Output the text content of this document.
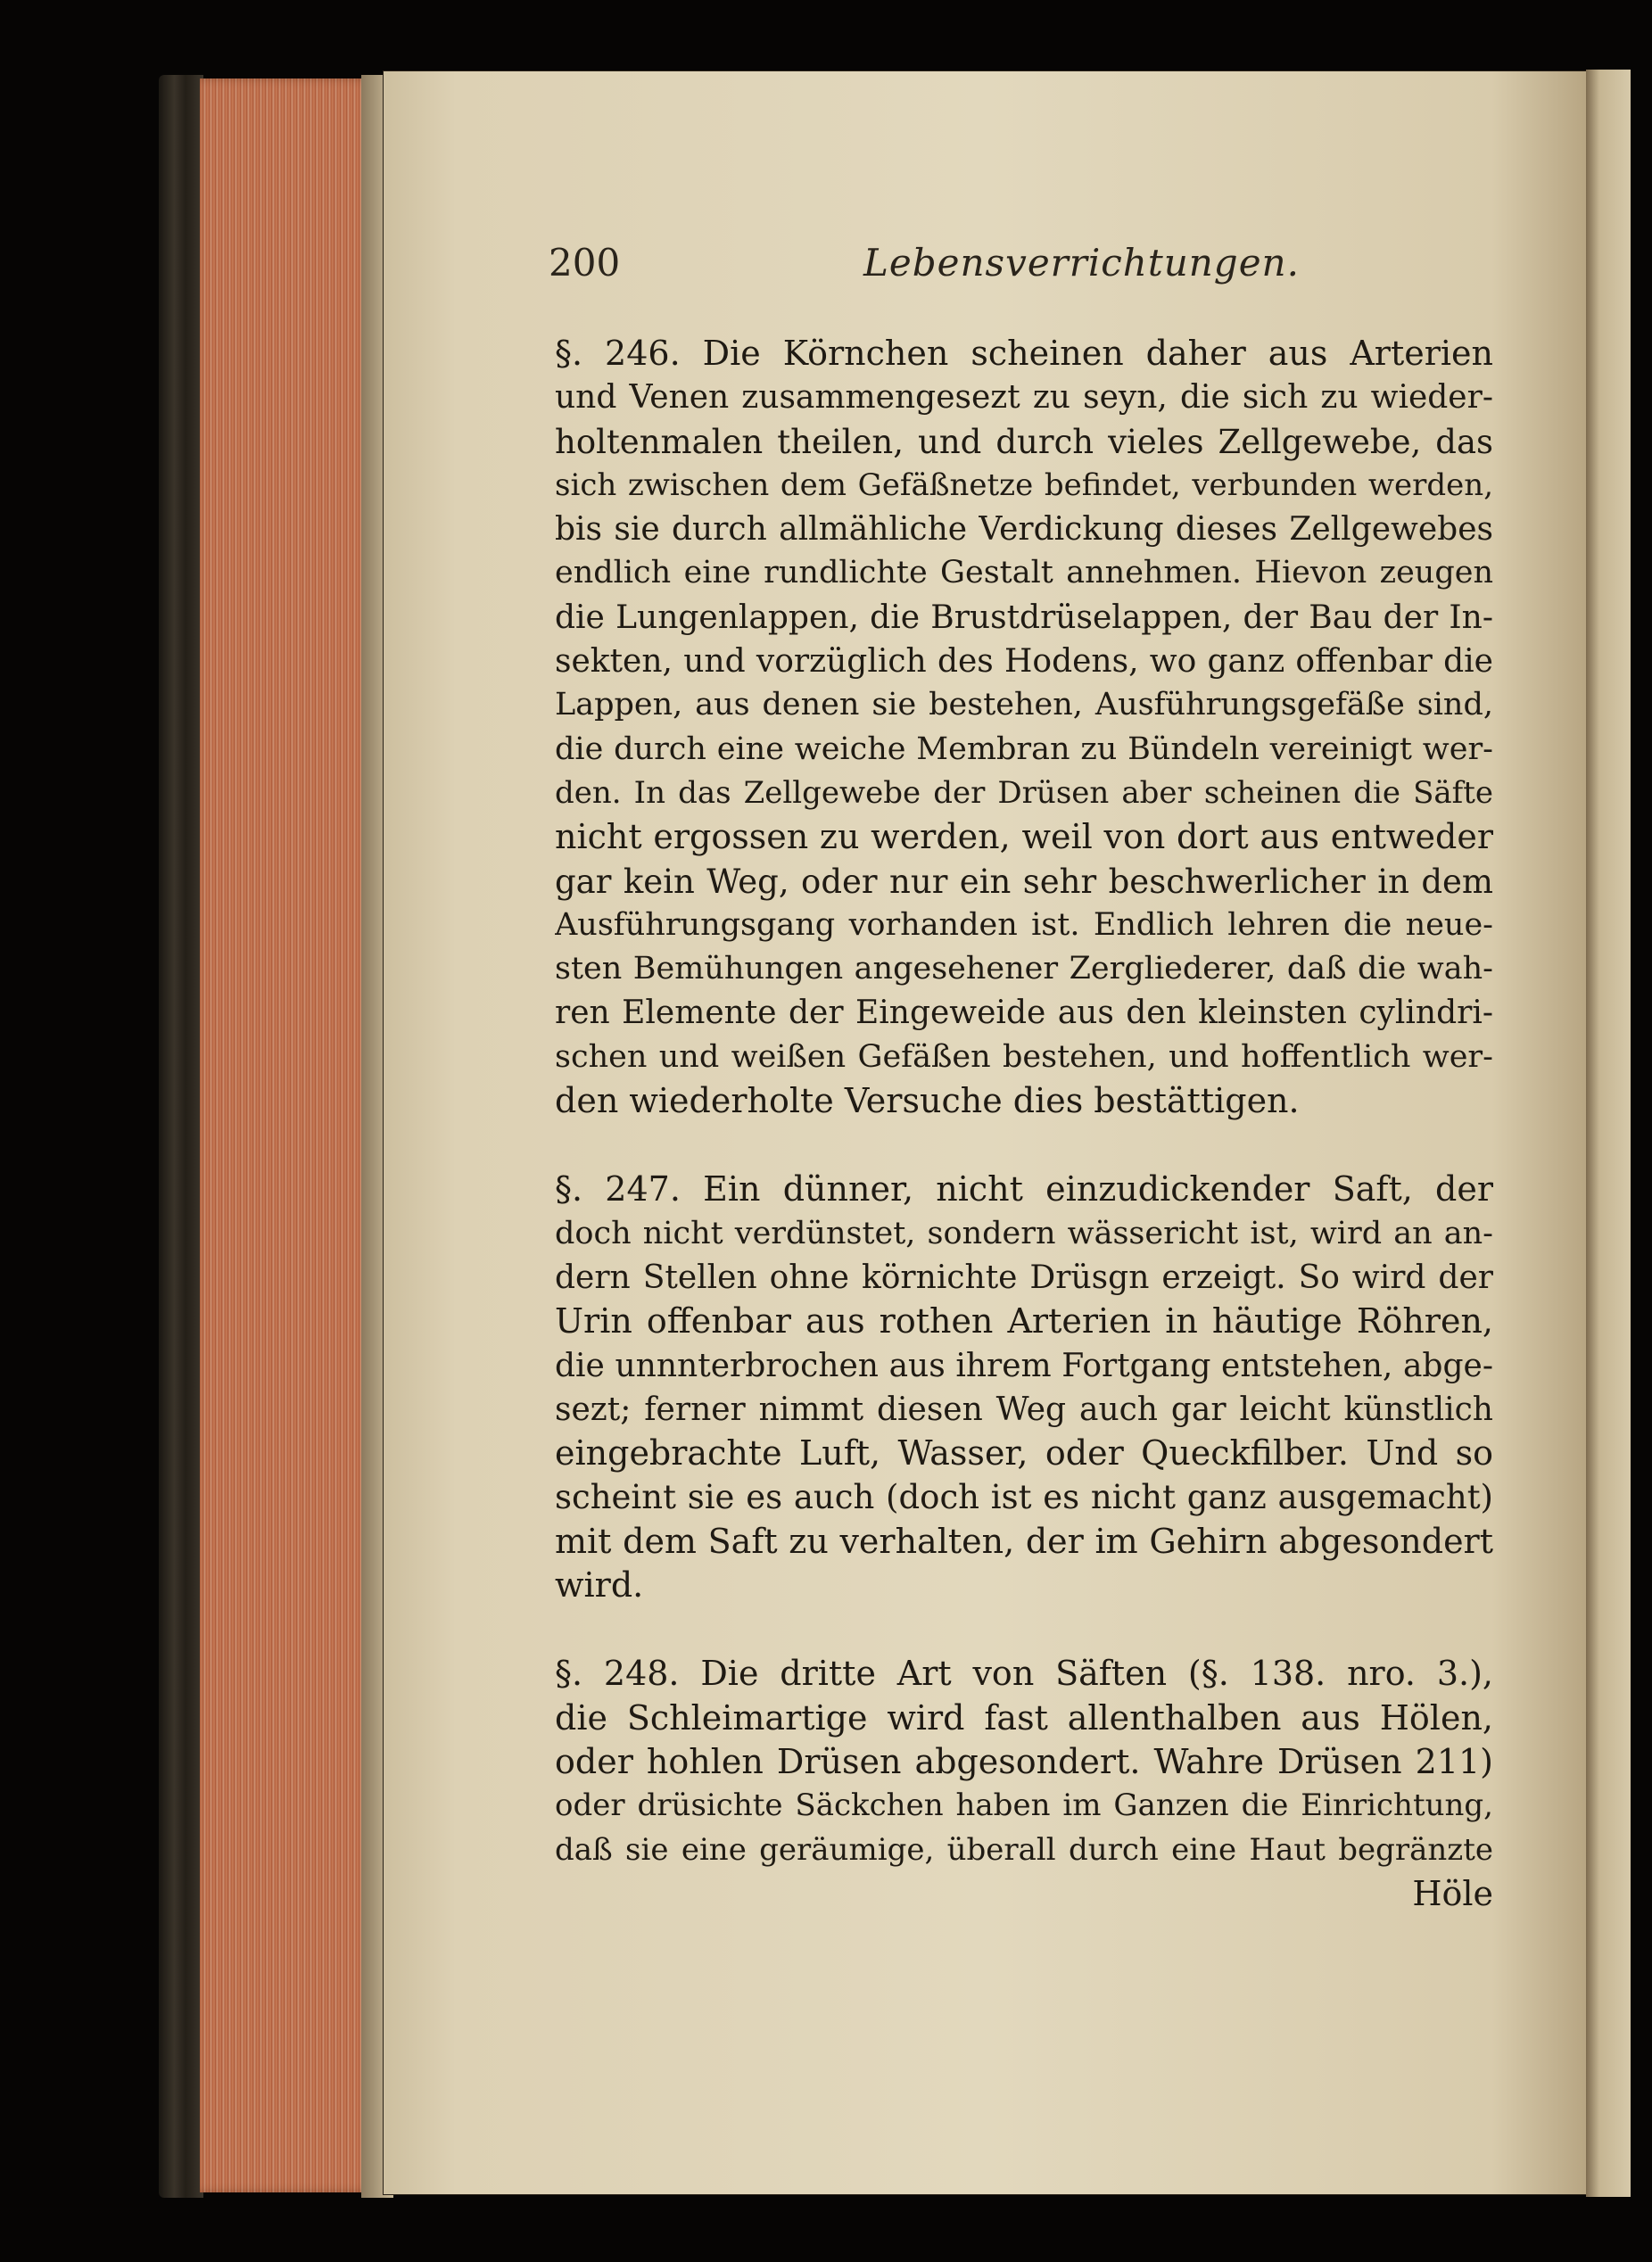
200	Lebensverrichtungen.
§. 246. Die Körnchen scheinen daher aus Arterien
und Venen zusammengesezt zu seyn, die sich zu wieder-
holtenmalen theilen, und durch vieles Zellgewebe, das
sich zwischen dem Gefäßnetze befindet, verbunden werden,
bis sie durch allmähliche Verdickung dieses Zellgewebes
endlich eine rundlichte Gestalt annehmen. Hievon zeugen
die Lungenlappen, die Brustdrüselappen, der Bau der In-
sekten, und vorzüglich des Hodens, wo ganz offenbar die
Lappen, aus denen sie bestehen, Ausführungsgefäße sind,
die durch eine weiche Membran zu Bündeln vereinigt wer-
den. In das Zellgewebe der Drüsen aber scheinen die Säfte
nicht ergossen zu werden, weil von dort aus entweder
gar kein Weg, oder nur ein sehr beschwerlicher in dem
Ausführungsgang vorhanden ist. Endlich lehren die neue-
sten Bemühungen angesehener Zergliederer, daß die wah-
ren Elemente der Eingeweide aus den kleinsten cylindri-
schen und weißen Gefäßen bestehen, und hoffentlich wer-
den wiederholte Versuche dies bestättigen.
§. 247. Ein dünner, nicht einzudickender Saft, der
doch nicht verdünstet, sondern wässericht ist, wird an an-
dern Stellen ohne körnichte Drüsgn erzeigt. So wird der
Urin offenbar aus rothen Arterien in häutige Röhren,
die unnnterbrochen aus ihrem Fortgang entstehen, abge-
sezt; ferner nimmt diesen Weg auch gar leicht künstlich
eingebrachte Luft, Wasser, oder Queckfilber. Und so
scheint sie es auch (doch ist es nicht ganz ausgemacht)
mit dem Saft zu verhalten, der im Gehirn abgesondert
wird.
§. 248. Die dritte Art von Säften (§. 138. nro. 3.),
die Schleimartige wird fast allenthalben aus Hölen,
oder hohlen Drüsen abgesondert. Wahre Drüsen 211)
oder drüsichte Säckchen haben im Ganzen die Einrichtung,
daß sie eine geräumige, überall durch eine Haut begränzte
Höle
